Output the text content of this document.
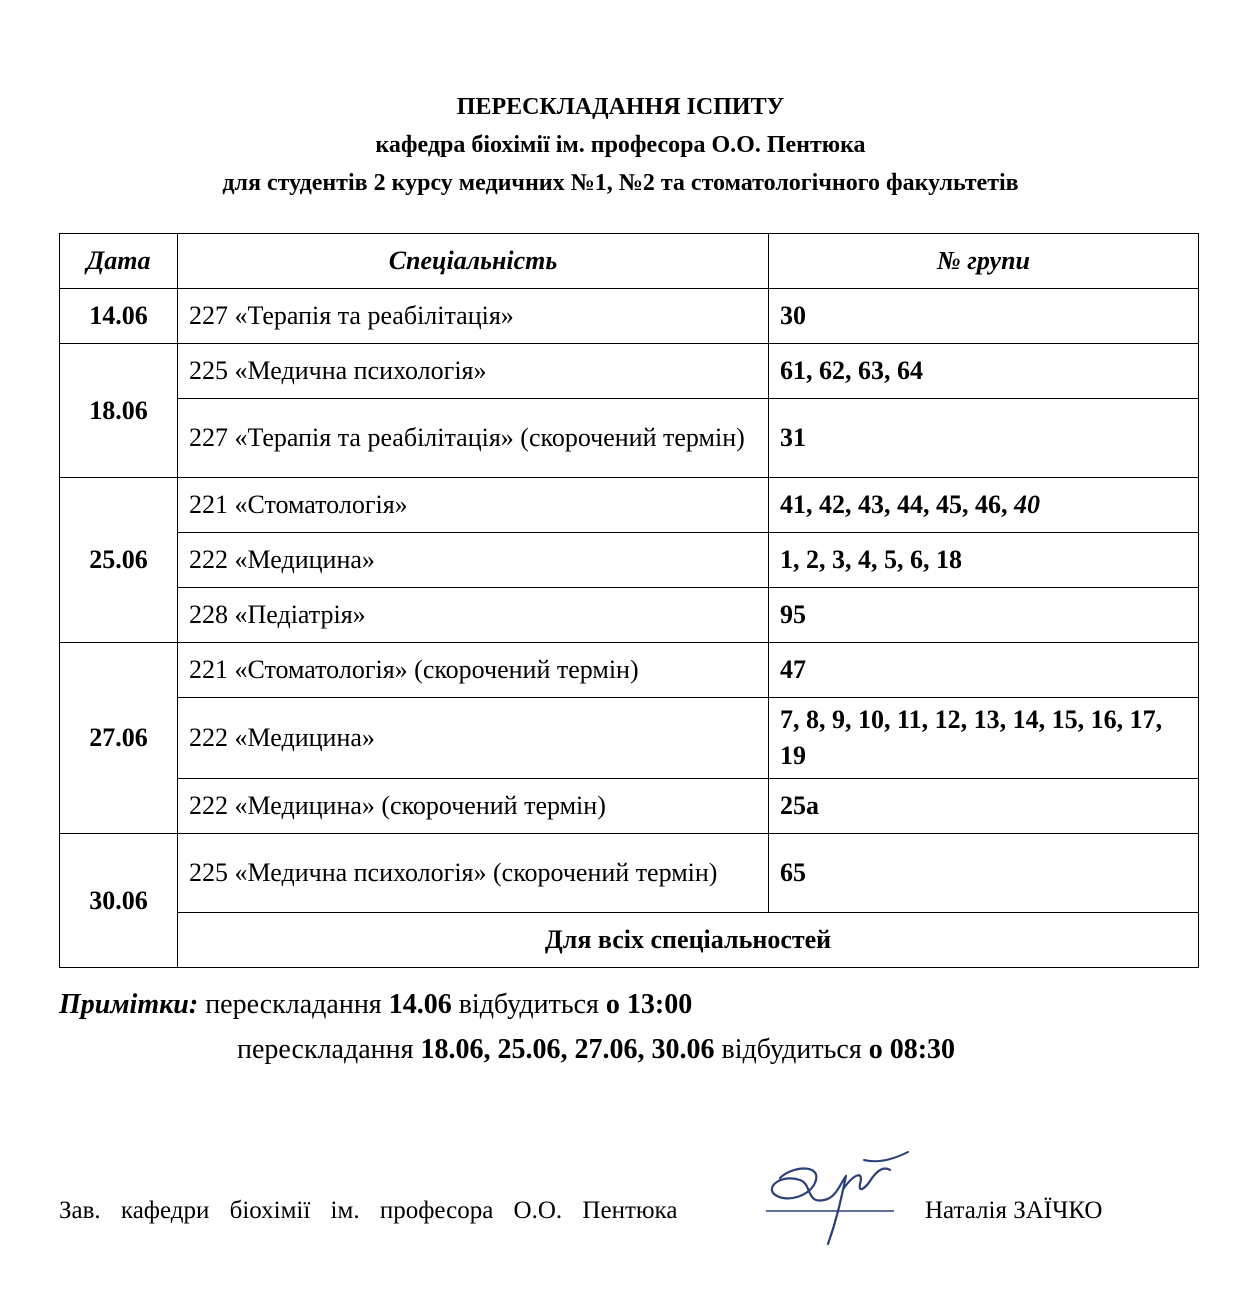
ПЕРЕСКЛАДАННЯ ІСПИТУ
кафедра біохімії ім. професора О.О. Пентюка
для студентів 2 курсу медичних №1, №2 та стоматологічного факультетів
Дата	Спеціальність	№ групи
14.06	227 «Терапія та реабілітація»	30
18.06	225 «Медична психологія»	61, 62, 63, 64
	227 «Терапія та реабілітація» (скорочений термін)	31
25.06	221 «Стоматологія»	41, 42, 43, 44, 45, 46, 40
	222 «Медицина»	1, 2, 3, 4, 5, 6, 18
	228 «Педіатрія»	95
27.06	221 «Стоматологія» (скорочений термін)	47
	222 «Медицина»	7, 8, 9, 10, 11, 12, 13, 14, 15, 16, 17, 19
	222 «Медицина» (скорочений термін)	25а
30.06	225 «Медична психологія» (скорочений термін)	65
	Для всіх спеціальностей	
Примітки: перескладання 14.06 відбудиться о 13:00
перескладання 18.06, 25.06, 27.06, 30.06 відбудиться о 08:30
Зав. кафедри біохімії ім. професора О.О. Пентюка	Наталія ЗАЇЧКО
